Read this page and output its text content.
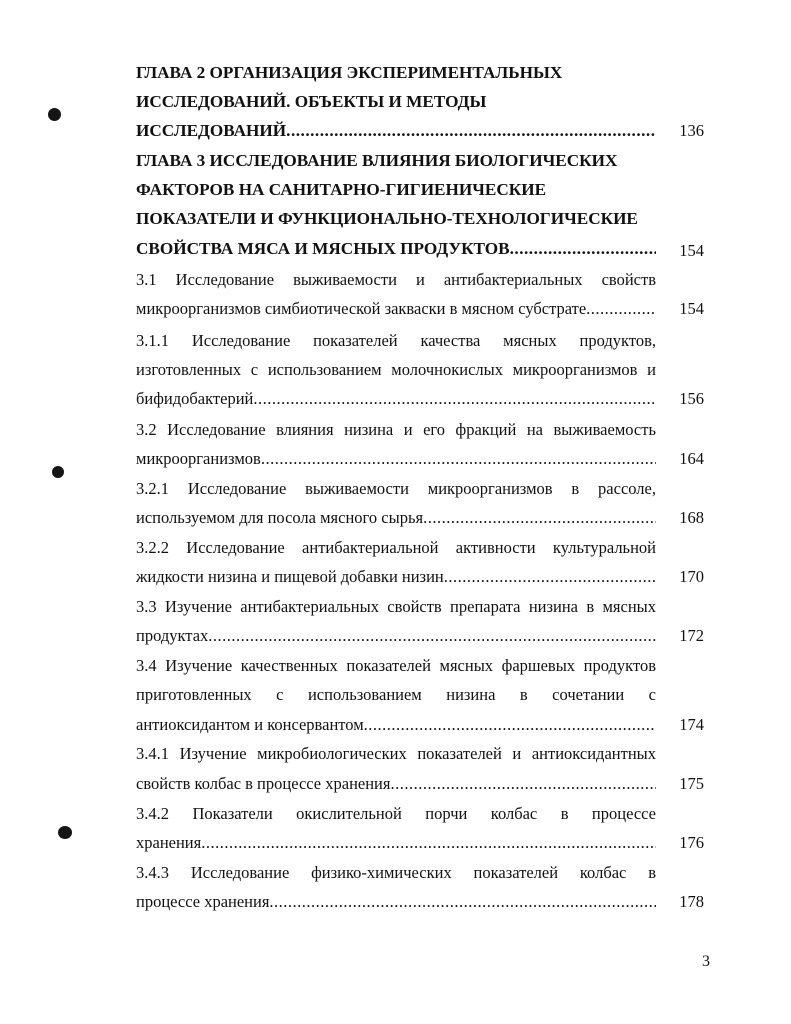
ГЛАВА 2 ОРГАНИЗАЦИЯ ЭКСПЕРИМЕНТАЛЬНЫХ
ИССЛЕДОВАНИЙ. ОБЪЕКТЫ И МЕТОДЫ
ИССЛЕДОВАНИЙ .....	136
ГЛАВА 3 ИССЛЕДОВАНИЕ ВЛИЯНИЯ БИОЛОГИЧЕСКИХ
ФАКТОРОВ НА САНИТАРНО-ГИГИЕНИЧЕСКИЕ
ПОКАЗАТЕЛИ И ФУНКЦИОНАЛЬНО-ТЕХНОЛОГИЧЕСКИЕ
СВОЙСТВА МЯСА И МЯСНЫХ ПРОДУКТОВ .....	154
3.1 Исследование выживаемости и антибактериальных свойств
микроорганизмов симбиотической закваски в мясном субстрате .....	154
3.1.1 Исследование показателей качества мясных продуктов,
изготовленных с использованием молочнокислых микроорганизмов и
бифидобактерий .....	156
3.2 Исследование влияния низина и его фракций на выживаемость
микроорганизмов .....	164
3.2.1 Исследование выживаемости микроорганизмов в рассоле,
используемом для посола мясного сырья .....	168
3.2.2 Исследование антибактериальной активности культуральной
жидкости низина и пищевой добавки низин .....	170
3.3 Изучение антибактериальных свойств препарата низина в мясных
продуктах .....	172
3.4 Изучение качественных показателей мясных фаршевых продуктов
приготовленных с использованием низина в сочетании с
антиоксидантом и консервантом .....	174
3.4.1 Изучение микробиологических показателей и антиоксидантных
свойств колбас в процессе хранения .....	175
3.4.2 Показатели окислительной порчи колбас в процессе
хранения .....	176
3.4.3 Исследование физико-химических показателей колбас в
процессе хранения .....	178
3
